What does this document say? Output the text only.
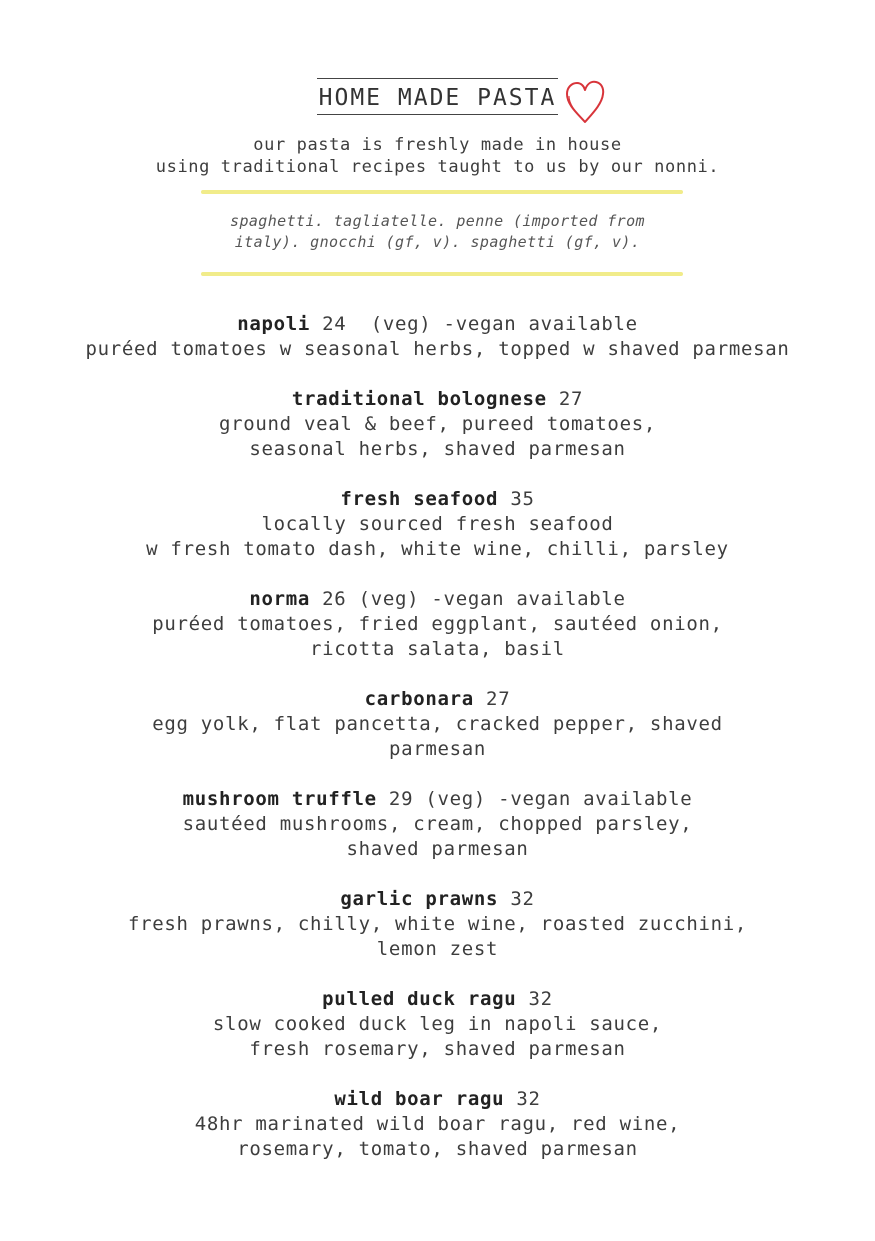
HOME MADE PASTA
our pasta is freshly made in house
using traditional recipes taught to us by our nonni.
spaghetti. tagliatelle. penne (imported from
italy). gnocchi (gf, v). spaghetti (gf, v).
napoli 24  (veg) -vegan available
puréed tomatoes w seasonal herbs, topped w shaved parmesan
traditional bolognese 27
ground veal & beef, pureed tomatoes,
seasonal herbs, shaved parmesan
fresh seafood 35
locally sourced fresh seafood
w fresh tomato dash, white wine, chilli, parsley
norma 26 (veg) -vegan available
puréed tomatoes, fried eggplant, sautéed onion,
ricotta salata, basil
carbonara 27
egg yolk, flat pancetta, cracked pepper, shaved
parmesan
mushroom truffle 29 (veg) -vegan available
sautéed mushrooms, cream, chopped parsley,
shaved parmesan
garlic prawns 32
fresh prawns, chilly, white wine, roasted zucchini,
lemon zest
pulled duck ragu 32
slow cooked duck leg in napoli sauce,
fresh rosemary, shaved parmesan
wild boar ragu 32
48hr marinated wild boar ragu, red wine,
rosemary, tomato, shaved parmesan
